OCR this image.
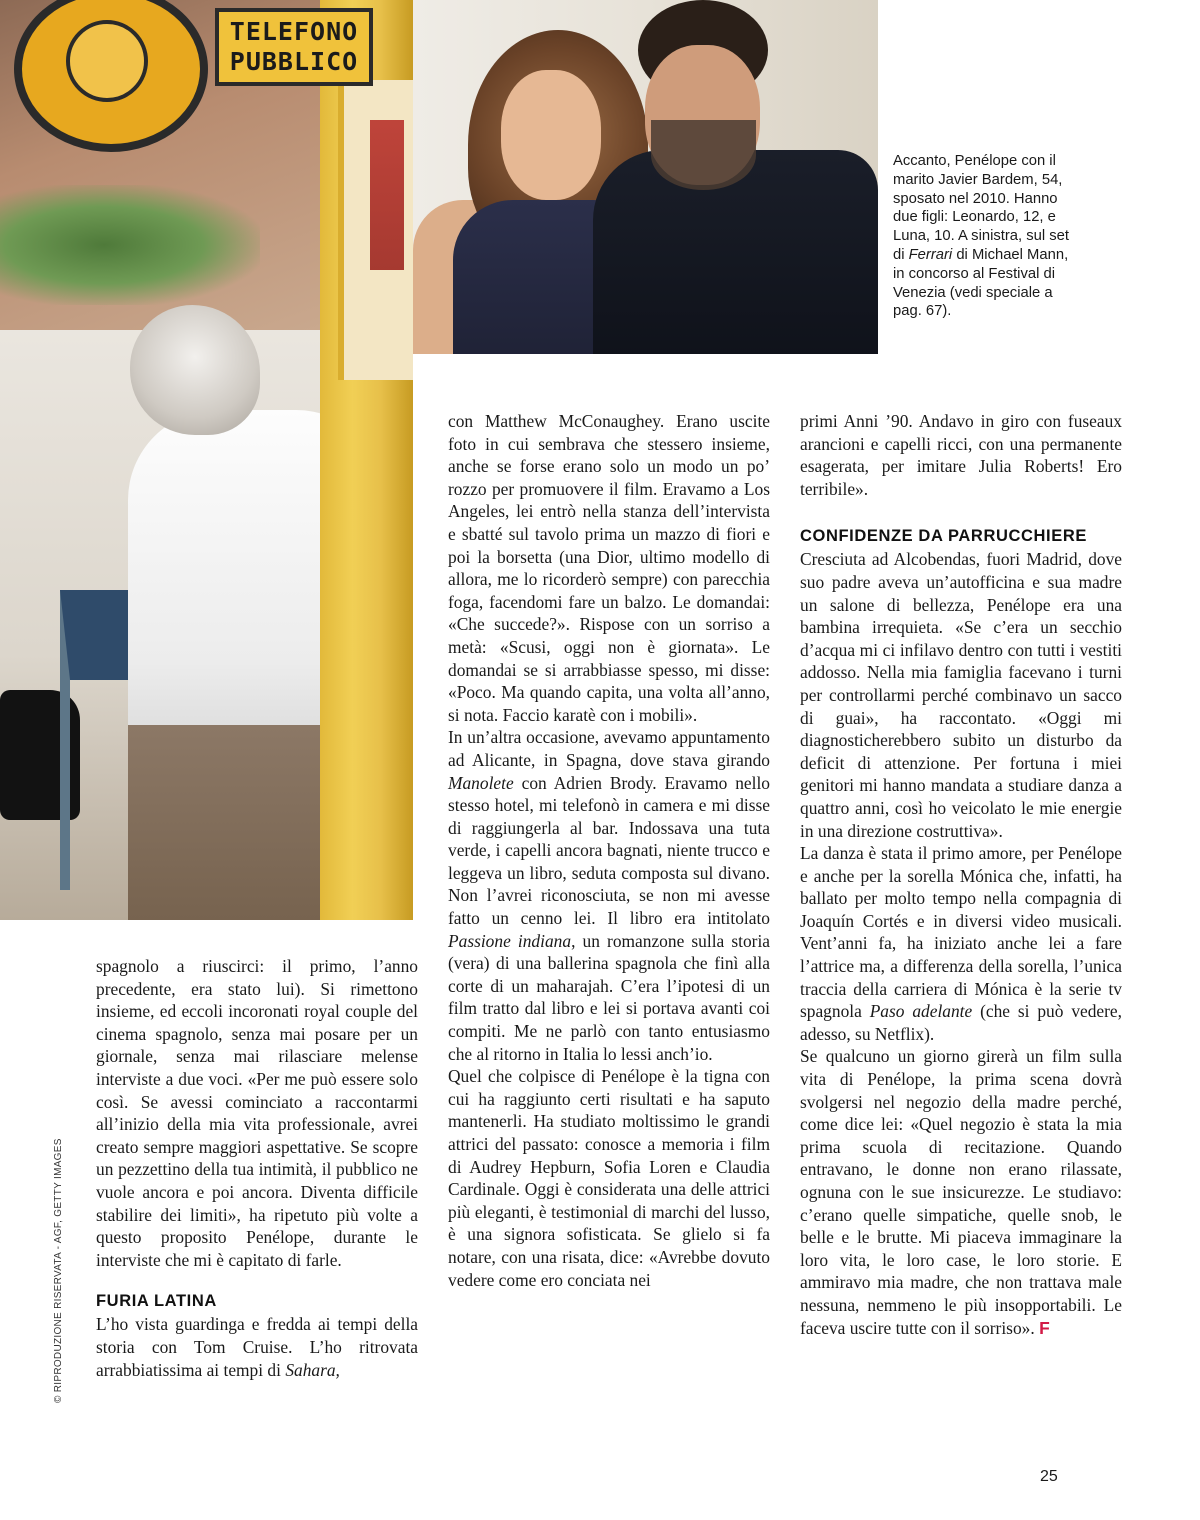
TELEFONO
PUBBLICO

Accanto, Penélope con il marito Javier Bardem, 54, sposato nel 2010. Hanno due figli: Leonardo, 12, e Luna, 10. A sinistra, sul set di Ferrari di Michael Mann, in concorso al Festival di Venezia (vedi speciale a pag. 67).

spagnolo a riuscirci: il primo, l’anno precedente, era stato lui). Si rimettono insieme, ed eccoli incoronati royal couple del cinema spagnolo, senza mai posare per un giornale, senza mai rilasciare melense interviste a due voci. «Per me può essere solo così. Se avessi cominciato a raccontarmi all’inizio della mia vita professionale, avrei creato sempre maggiori aspettative. Se scopre un pezzettino della tua intimità, il pubblico ne vuole ancora e poi ancora. Diventa difficile stabilire dei limiti», ha ripetuto più volte a questo proposito Penélope, durante le interviste che mi è capitato di farle.

FURIA LATINA

L’ho vista guardinga e fredda ai tempi della storia con Tom Cruise. L’ho ritrovata arrabbiatissima ai tempi di Sahara,

con Matthew McConaughey. Erano uscite foto in cui sembrava che stessero insieme, anche se forse erano solo un modo un po’ rozzo per promuovere il film. Eravamo a Los Angeles, lei entrò nella stanza dell’intervista e sbatté sul tavolo prima un mazzo di fiori e poi la borsetta (una Dior, ultimo modello di allora, me lo ricorderò sempre) con parecchia foga, facendomi fare un balzo. Le domandai: «Che succede?». Rispose con un sorriso a metà: «Scusi, oggi non è giornata». Le domandai se si arrabbiasse spesso, mi disse: «Poco. Ma quando capita, una volta all’anno, si nota. Faccio karatè con i mobili».

In un’altra occasione, avevamo appuntamento ad Alicante, in Spagna, dove stava girando Manolete con Adrien Brody. Eravamo nello stesso hotel, mi telefonò in camera e mi disse di raggiungerla al bar. Indossava una tuta verde, i capelli ancora bagnati, niente trucco e leggeva un libro, seduta composta sul divano. Non l’avrei riconosciuta, se non mi avesse fatto un cenno lei. Il libro era intitolato Passione indiana, un romanzone sulla storia (vera) di una ballerina spagnola che finì alla corte di un maharajah. C’era l’ipotesi di un film tratto dal libro e lei si portava avanti coi compiti. Me ne parlò con tanto entusiasmo che al ritorno in Italia lo lessi anch’io.

Quel che colpisce di Penélope è la tigna con cui ha raggiunto certi risultati e ha saputo mantenerli. Ha studiato moltissimo le grandi attrici del passato: conosce a memoria i film di Audrey Hepburn, Sofia Loren e Claudia Cardinale. Oggi è considerata una delle attrici più eleganti, è testimonial di marchi del lusso, è una signora sofisticata. Se glielo si fa notare, con una risata, dice: «Avrebbe dovuto vedere come ero conciata nei

primi Anni ’90. Andavo in giro con fuseaux arancioni e capelli ricci, con una permanente esagerata, per imitare Julia Roberts! Ero terribile».

CONFIDENZE DA PARRUCCHIERE

Cresciuta ad Alcobendas, fuori Madrid, dove suo padre aveva un’autofficina e sua madre un salone di bellezza, Penélope era una bambina irrequieta. «Se c’era un secchio d’acqua mi ci infilavo dentro con tutti i vestiti addosso. Nella mia famiglia facevano i turni per controllarmi perché combinavo un sacco di guai», ha raccontato. «Oggi mi diagnosticherebbero subito un disturbo da deficit di attenzione. Per fortuna i miei genitori mi hanno mandata a studiare danza a quattro anni, così ho veicolato le mie energie in una direzione costruttiva».

La danza è stata il primo amore, per Penélope e anche per la sorella Mónica che, infatti, ha ballato per molto tempo nella compagnia di Joaquín Cortés e in diversi video musicali. Vent’anni fa, ha iniziato anche lei a fare l’attrice ma, a differenza della sorella, l’unica traccia della carriera di Mónica è la serie tv spagnola Paso adelante (che si può vedere, adesso, su Netflix).

Se qualcuno un giorno girerà un film sulla vita di Penélope, la prima scena dovrà svolgersi nel negozio della madre perché, come dice lei: «Quel negozio è stata la mia prima scuola di recitazione. Quando entravano, le donne non erano rilassate, ognuna con le sue insicurezze. Le studiavo: c’erano quelle simpatiche, quelle snob, le belle e le brutte. Mi piaceva immaginare la loro vita, le loro case, le loro storie. E ammiravo mia madre, che non trattava male nessuna, nemmeno le più insopportabili. Le faceva uscire tutte con il sorriso». F

© RIPRODUZIONE RISERVATA - AGF, GETTY IMAGES
25
